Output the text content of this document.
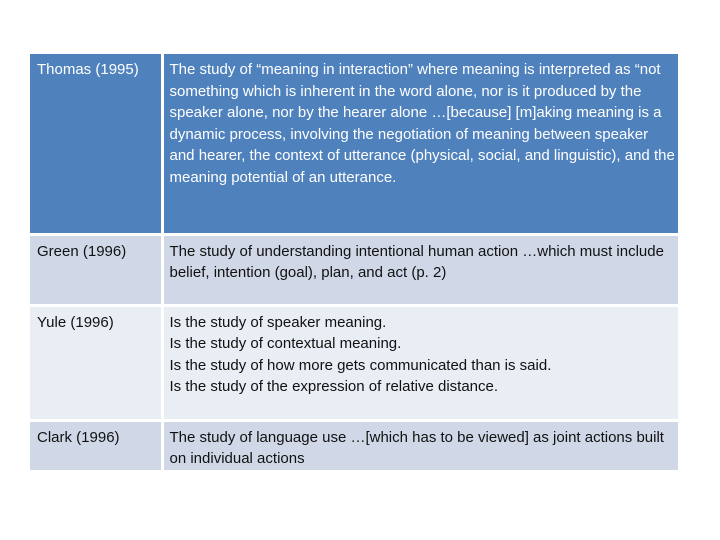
Thomas (1995)	The study of “meaning in interaction” where meaning is interpreted as “not something which is inherent in the word alone, nor is it produced by the speaker alone, nor by the hearer alone …[because] [m]aking meaning is a dynamic process, involving the negotiation of meaning between speaker and hearer, the context of utterance (physical, social, and linguistic), and the meaning potential of an utterance.
Green (1996)	The study of understanding intentional human action …which must include belief, intention (goal), plan, and act (p. 2)
Yule (1996)	Is the study of speaker meaning.
Is the study of contextual meaning.
Is the study of how more gets communicated than is said.
Is the study of the expression of relative distance.

Clark (1996)	The study of language use …[which has to be viewed] as joint actions built on individual actions
